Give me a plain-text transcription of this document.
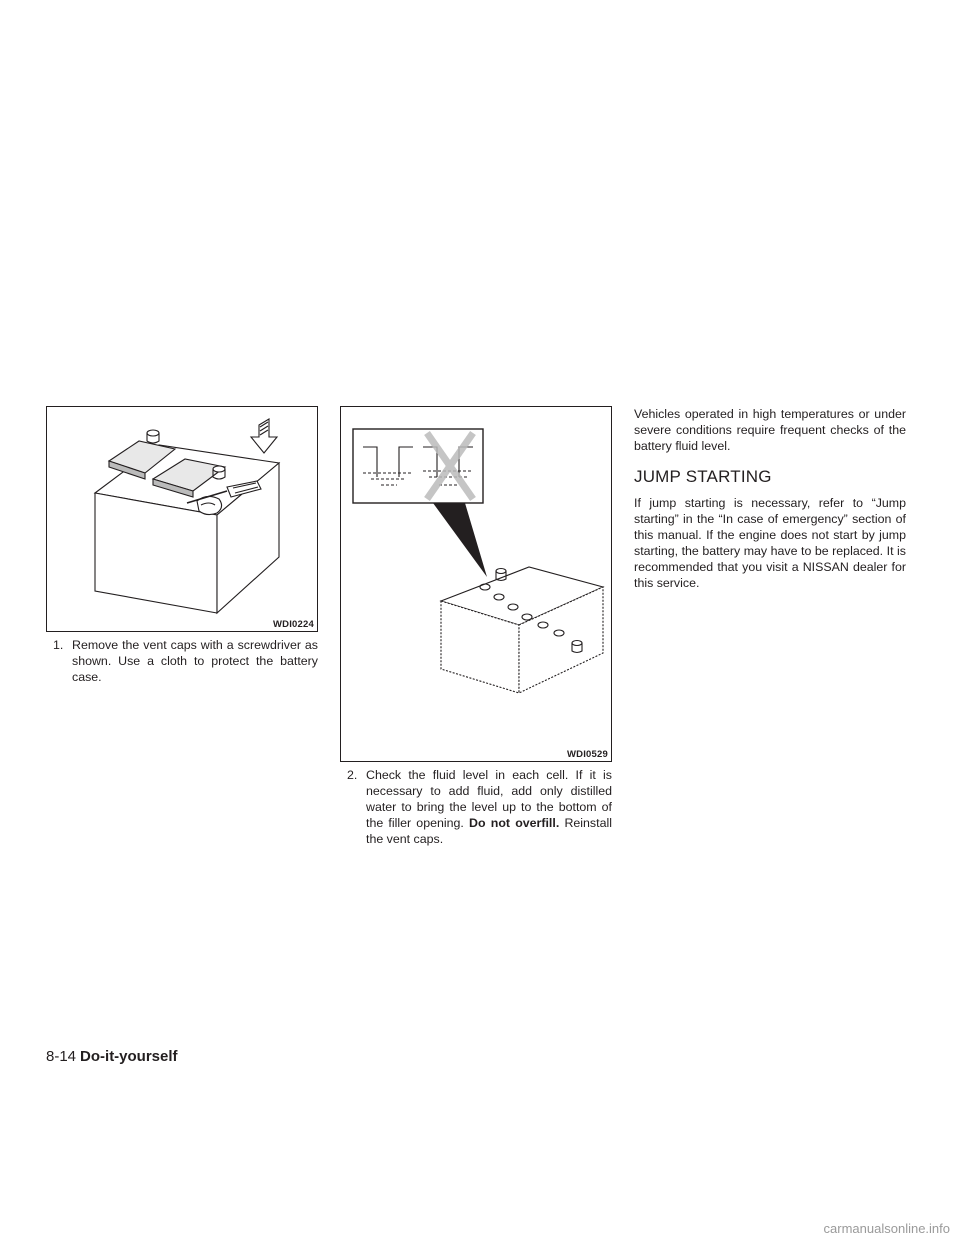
WDI0224
1. Remove the vent caps with a screwdriver as shown. Use a cloth to protect the battery case.
WDI0529
2. Check the fluid level in each cell. If it is necessary to add fluid, add only distilled water to bring the level up to the bottom of the filler opening. Do not overfill. Reinstall the vent caps.

Vehicles operated in high temperatures or under severe conditions require frequent checks of the battery fluid level.

JUMP STARTING

If jump starting is necessary, refer to “Jump starting” in the “In case of emergency” section of this manual. If the engine does not start by jump starting, the battery may have to be replaced. It is recommended that you visit a NISSAN dealer for this service.

8-14 Do-it-yourself
carmanualsonline.info
